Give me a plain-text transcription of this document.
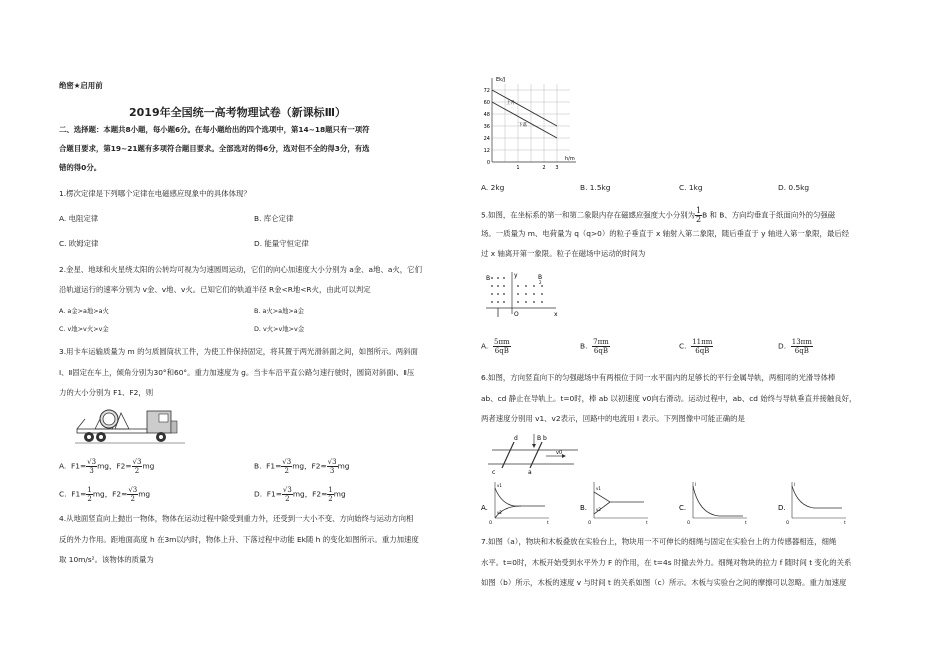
绝密★启用前
2019年全国统一高考物理试卷（新课标Ⅲ）
二、选择题：本题共8小题，每小题6分。在每小题给出的四个选项中，第14~18题只有一项符
合题目要求，第19~21题有多项符合题目要求。全部选对的得6分，选对但不全的得3分，有选
错的得0分。
1.楞次定律是下列哪个定律在电磁感应现象中的具体体现？
A. 电阻定律	B. 库仑定律
C. 欧姆定律	D. 能量守恒定律
2.金星、地球和火星绕太阳的公转均可视为匀速圆周运动，它们的向心加速度大小分别为 a金、a地、a火，它们
沿轨道运行的速率分别为 v金、v地、v火。已知它们的轨道半径 R金<R地<R火，由此可以判定
A. a金>a地>a火	B. a火>a地>a金
C. v地>v火>v金	D. v火>v地>v金
3.用卡车运输质量为 m 的匀质圆筒状工件，为使工件保持固定，将其置于两光滑斜面之间，如图所示。两斜面
Ⅰ、Ⅱ固定在车上，倾角分别为30°和60°。重力加速度为 g。当卡车沿平直公路匀速行驶时，圆筒对斜面Ⅰ、Ⅱ压
力的大小分别为 F1、F2，则
A. $F1= \frac{√3}{3}$ mg，$F2= \frac{√3}{2}$ mg	B. $F1= \frac{√3}{2}$ mg，$F2= \frac{√3}{3}$ mg
C. $F1= \frac{1}{2}$ mg，$F2= \frac{√3}{2}$ mg	D. $F1= \frac{√3}{2}$ mg，$F2= \frac{1}{2}$ mg
4.从地面竖直向上抛出一物体，物体在运动过程中除受到重力外，还受到一大小不变、方向始终与运动方向相
反的外力作用。距地面高度 h 在3m以内时，物体上升、下落过程中动能 Ek随 h 的变化如图所示。重力加速度
取 10m/s²。该物体的质量为
Ek/J
h/m
72
60
48
36
24
12
0
1	2 3
上升
下落
A. 2kg	B. 1.5kg	C. 1kg	D. 0.5kg
5.如图，在坐标系的第一和第二象限内存在磁感应强度大小分别为 $\frac{1}{2}$ B 和 B、方向均垂直于纸面向外的匀强磁
场。一质量为 m、电荷量为 q（q>0）的粒子垂直于 x 轴射入第二象限，随后垂直于 y 轴进入第一象限，最后经
过 x 轴离开第一象限。粒子在磁场中运动的时间为
B	B
2
x
y
O
A. $\frac{5\pi m}{6qB}$	B. $\frac{7\pi m}{6qB}$	C. $\frac{11\pi m}{6qB}$	D. $\frac{13\pi m}{6qB}$
6.如图，方向竖直向下的匀强磁场中有两根位于同一水平面内的足够长的平行金属导轨，两相同的光滑导体棒
ab、cd 静止在导轨上。t=0时，棒 ab 以初速度 v0向右滑动。运动过程中，ab、cd 始终与导轨垂直并接触良好，
两者速度分别用 v1、v2表示，回路中的电流用 I 表示。下列图像中可能正确的是
d	b
B
v0
c	a
A.
v1
v2
O	t
B.
v1
v2
O	t
C.
I
O	t
D.
I
O	t
7.如图（a），物块和木板叠放在实验台上，物块用一不可伸长的细绳与固定在实验台上的力传感器相连，细绳
水平。t=0时，木板开始受到水平外力 F 的作用，在 t=4s 时撤去外力。细绳对物块的拉力 f 随时间 t 变化的关系
如图（b）所示，木板的速度 v 与时间 t 的关系如图（c）所示。木板与实验台之间的摩擦可以忽略。重力加速度
